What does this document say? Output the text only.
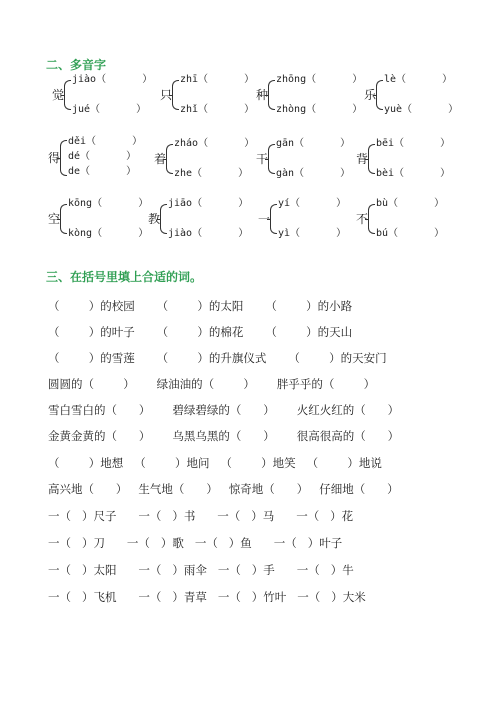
二、多音字
觉
jiào（      ）
jué（      ）
只
zhī（      ）
zhǐ（      ）
种
zhōng（      ）
zhòng（      ）
乐
lè（      ）
yuè（      ）
得
děi（      ）
dé（      ）
de（      ）
着
zháo（      ）
zhe（      ）
干
gān（      ）
gàn（      ）
背
bēi（      ）
bèi（      ）
空
kōng（      ）
kòng（      ）
教
jiāo（      ）
jiào（      ）
一
yí（      ）
yì（      ）
不
bù（      ）
bú（      ）
三、在括号里填上合适的词。
（        ）的校园      （        ）的太阳      （        ）的小路
（        ）的叶子      （        ）的棉花      （        ）的天山
（        ）的雪莲      （        ）的升旗仪式      （        ）的天安门
圆圆的（        ）      绿油油的（        ）      胖乎乎的（        ）
雪白雪白的（      ）      碧绿碧绿的（      ）      火红火红的（      ）
金黄金黄的（      ）      乌黑乌黑的（      ）      很高很高的（      ）
（        ）地想   （        ）地问   （        ）地笑   （        ）地说
高兴地（      ）   生气地（      ）   惊奇地（      ）   仔细地（      ）
一（   ）尺子      一（   ）书      一（   ）马      一（   ）花
一（   ）刀      一（   ）歌   一（   ）鱼      一（   ）叶子
一（   ）太阳      一（   ）雨伞   一（   ）手      一（   ）牛
一（   ）飞机      一（   ）青草   一（   ）竹叶   一（   ）大米
